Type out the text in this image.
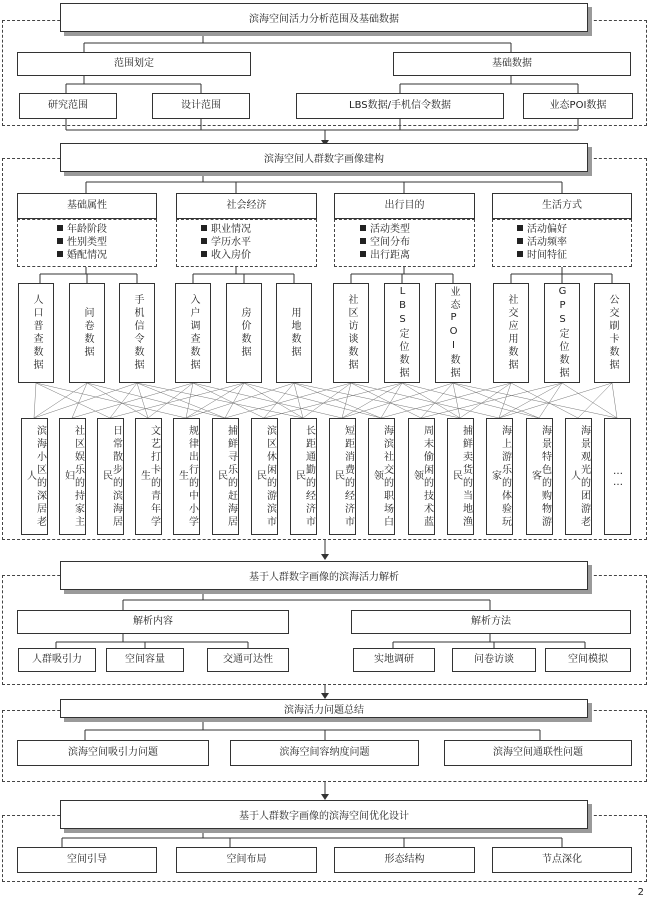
滨海空间活力分析范围及基础数据
范围划定	基础数据
研究范围	设计范围	LBS数据/手机信令数据	业态POI数据
滨海空间人群数字画像建构
基础属性	社会经济	出行目的	生活方式
年龄阶段
性别类型
婚配情况
职业情况
学历水平
收入房价
活动类型
空间分布
出行距离
活动偏好
活动频率
时间特征
人口普查数据	问卷数据	手机信令数据	入户调查数据	房价数据	用地数据	社区访谈数据	LBS定位数据	业态POI数据	社交应用数据	GPS定位数据	公交刷卡数据
滨海小区的深居老人	社区娱乐的持家主妇	日常散步的滨海居民	文艺打卡的青年学生	规律出行的中小学生	捕鲜寻乐的赶海居民	滨区休闲的游滨市民	长距通勤的经济市民	短距消费的经济市民	海滨社交的职场白领	周末偷闲的技术蓝领	捕鲜卖货的当地渔民	海上游乐的体验玩家	海景特色的购物游客	海景观光的团游老人	……
基于人群数字画像的滨海活力解析
解析内容	解析方法
人群吸引力	空间容量	交通可达性	实地调研	问卷访谈	空间模拟
滨海活力问题总结
滨海空间吸引力问题	滨海空间容纳度问题	滨海空间通联性问题
基于人群数字画像的滨海空间优化设计
空间引导	空间布局	形态结构	节点深化
2
